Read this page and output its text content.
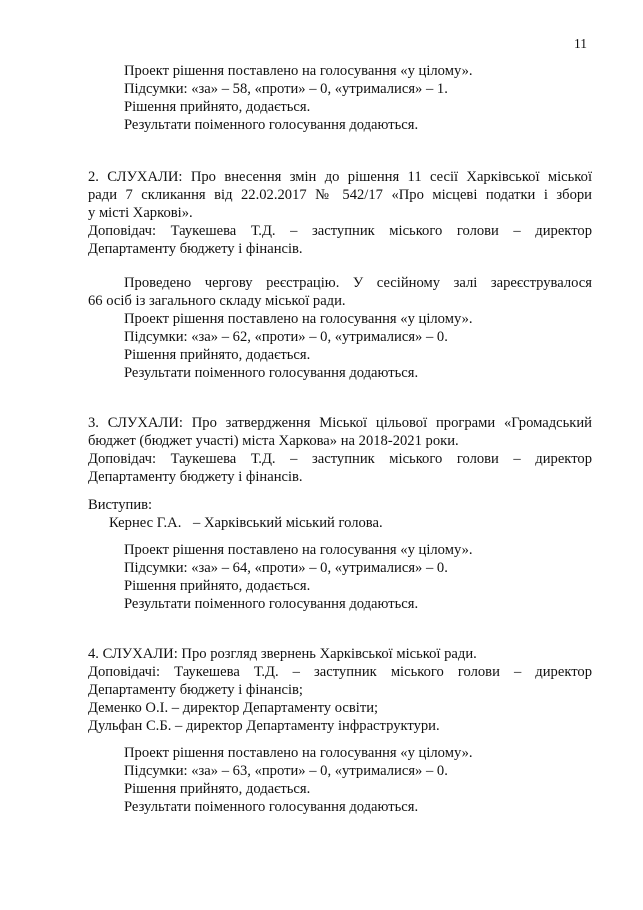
11
Проект рішення поставлено на голосування «у цілому».
Підсумки: «за» – 58, «проти» – 0, «утрималися» – 1.
Рішення прийнято, додається.
Результати поіменного голосування додаються.
2. СЛУХАЛИ: Про внесення змін до рішення 11 сесії Харківської міської
ради 7 скликання від 22.02.2017 № 542/17 «Про місцеві податки і збори
у місті Харкові».
Доповідач: Таукешева Т.Д. – заступник міського голови – директор
Департаменту бюджету і фінансів.
Проведено чергову реєстрацію. У сесійному залі зареєструвалося
66 осіб із загального складу міської ради.
Проект рішення поставлено на голосування «у цілому».
Підсумки: «за» – 62, «проти» – 0, «утрималися» – 0.
Рішення прийнято, додається.
Результати поіменного голосування додаються.
3. СЛУХАЛИ: Про затвердження Міської цільової програми «Громадський
бюджет (бюджет участі) міста Харкова» на 2018-2021 роки.
Доповідач: Таукешева Т.Д. – заступник міського голови – директор
Департаменту бюджету і фінансів.
Виступив:
Кернес Г.А. – Харківський міський голова.
Проект рішення поставлено на голосування «у цілому».
Підсумки: «за» – 64, «проти» – 0, «утрималися» – 0.
Рішення прийнято, додається.
Результати поіменного голосування додаються.
4. СЛУХАЛИ: Про розгляд звернень Харківської міської ради.
Доповідачі: Таукешева Т.Д. – заступник міського голови – директор
Департаменту бюджету і фінансів;
Деменко О.І. – директор Департаменту освіти;
Дульфан С.Б. – директор Департаменту інфраструктури.
Проект рішення поставлено на голосування «у цілому».
Підсумки: «за» – 63, «проти» – 0, «утрималися» – 0.
Рішення прийнято, додається.
Результати поіменного голосування додаються.
